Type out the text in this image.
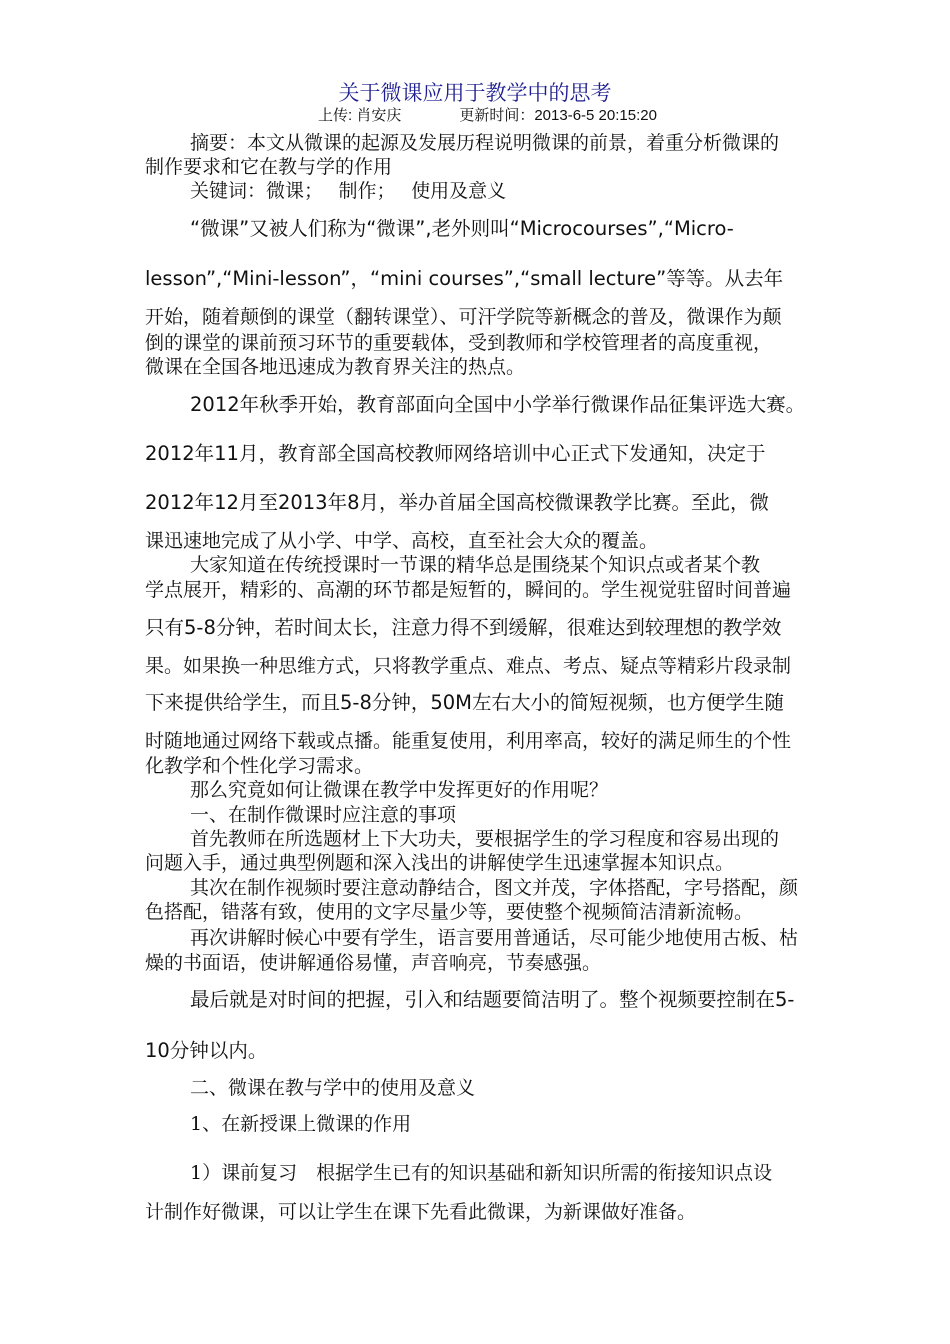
关于微课应用于教学中的思考
上传: 肖安庆	更新时间：2013-6-5 20:15:20
摘要：本文从微课的起源及发展历程说明微课的前景，着重分析微课的
制作要求和它在教与学的作用
关键词：微课；　 制作；　 使用及意义
“微课”又被人们称为“微课”,老外则叫“Microcourses”,“Micro-
lesson”,“Mini-lesson”，“mini courses”,“small lecture”等等。从去年
开始，随着颠倒的课堂（翻转课堂）、可汗学院等新概念的普及，微课作为颠
倒的课堂的课前预习环节的重要载体，受到教师和学校管理者的高度重视，
微课在全国各地迅速成为教育界关注的热点。
2012年秋季开始，教育部面向全国中小学举行微课作品征集评选大赛。
2012年11月，教育部全国高校教师网络培训中心正式下发通知，决定于
2012年12月至2013年8月，举办首届全国高校微课教学比赛。至此，微
课迅速地完成了从小学、中学、高校，直至社会大众的覆盖。
大家知道在传统授课时一节课的精华总是围绕某个知识点或者某个教
学点展开，精彩的、高潮的环节都是短暂的，瞬间的。学生视觉驻留时间普遍
只有5-8分钟，若时间太长，注意力得不到缓解，很难达到较理想的教学效
果。如果换一种思维方式，只将教学重点、难点、考点、疑点等精彩片段录制
下来提供给学生，而且5-8分钟，50M左右大小的简短视频，也方便学生随
时随地通过网络下载或点播。能重复使用，利用率高，较好的满足师生的个性
化教学和个性化学习需求。
那么究竟如何让微课在教学中发挥更好的作用呢？
一、在制作微课时应注意的事项
首先教师在所选题材上下大功夫，要根据学生的学习程度和容易出现的
问题入手，通过典型例题和深入浅出的讲解使学生迅速掌握本知识点。
其次在制作视频时要注意动静结合，图文并茂，字体搭配，字号搭配，颜
色搭配，错落有致，使用的文字尽量少等，要使整个视频简洁清新流畅。
再次讲解时候心中要有学生，语言要用普通话，尽可能少地使用古板、枯
燥的书面语，使讲解通俗易懂，声音响亮，节奏感强。
最后就是对时间的把握，引入和结题要简洁明了。整个视频要控制在5-
10分钟以内。
二、微课在教与学中的使用及意义
1、在新授课上微课的作用
1）课前复习　根据学生已有的知识基础和新知识所需的衔接知识点设
计制作好微课，可以让学生在课下先看此微课，为新课做好准备。
